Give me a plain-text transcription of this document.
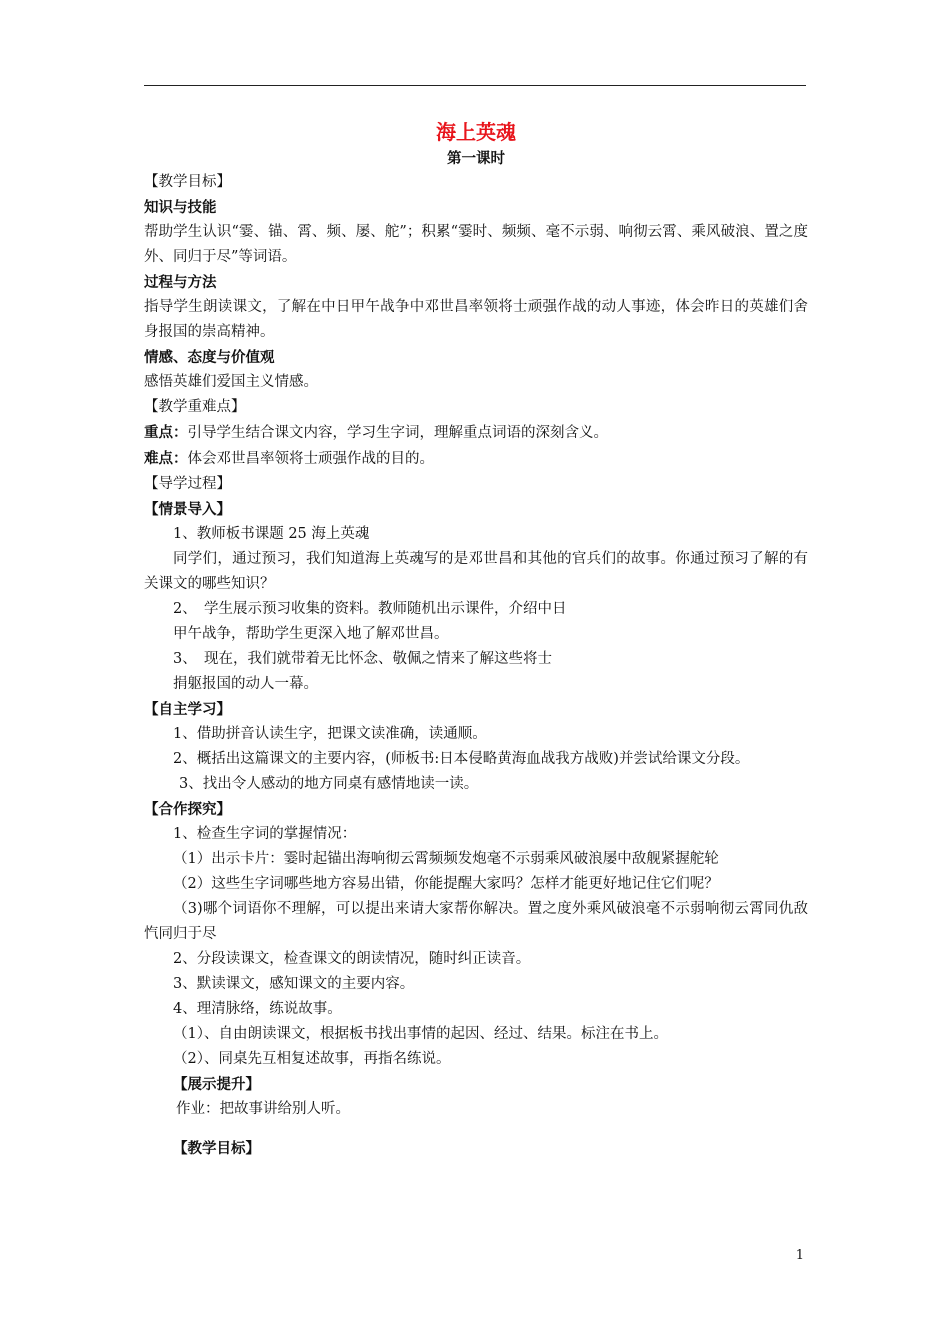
海上英魂

第一课时

【教学目标】

知识与技能

帮助学生认识“霎、锚、霄、频、屡、舵”；积累“霎时、频频、毫不示弱、响彻云霄、乘风破浪、置之度外、同归于尽”等词语。

过程与方法

指导学生朗读课文，了解在中日甲午战争中邓世昌率领将士顽强作战的动人事迹，体会昨日的英雄们舍身报国的崇高精神。

情感、态度与价值观

感悟英雄们爱国主义情感。

【教学重难点】

重点：引导学生结合课文内容，学习生字词，理解重点词语的深刻含义。

难点：体会邓世昌率领将士顽强作战的目的。

【导学过程】

【情景导入】

1、教师板书课题 25 海上英魂

同学们，通过预习，我们知道海上英魂写的是邓世昌和其他的官兵们的故事。你通过预习了解的有关课文的哪些知识？

2、　学生展示预习收集的资料。教师随机出示课件，介绍中日

甲午战争，帮助学生更深入地了解邓世昌。

3、　现在，我们就带着无比怀念、敬佩之情来了解这些将士

捐躯报国的动人一幕。

【自主学习】

1、借助拼音认读生字，把课文读准确，读通顺。

2、概括出这篇课文的主要内容，(师板书:日本侵略黄海血战我方战败)并尝试给课文分段。

3、找出令人感动的地方同桌有感情地读一读。

【合作探究】

1、检查生字词的掌握情况：

（1）出示卡片：霎时起锚出海响彻云霄频频发炮毫不示弱乘风破浪屡中敌舰紧握舵轮

（2）这些生字词哪些地方容易出错，你能提醒大家吗？怎样才能更好地记住它们呢？

（3)哪个词语你不理解，可以提出来请大家帮你解决。置之度外乘风破浪毫不示弱响彻云霄同仇敌忾同归于尽

2、分段读课文，检查课文的朗读情况，随时纠正读音。

3、默读课文，感知课文的主要内容。

4、理清脉络，练说故事。

（1）、自由朗读课文，根据板书找出事情的起因、经过、结果。标注在书上。

（2）、同桌先互相复述故事，再指名练说。

【展示提升】

作业：把故事讲给别人听。

【教学目标】

1
